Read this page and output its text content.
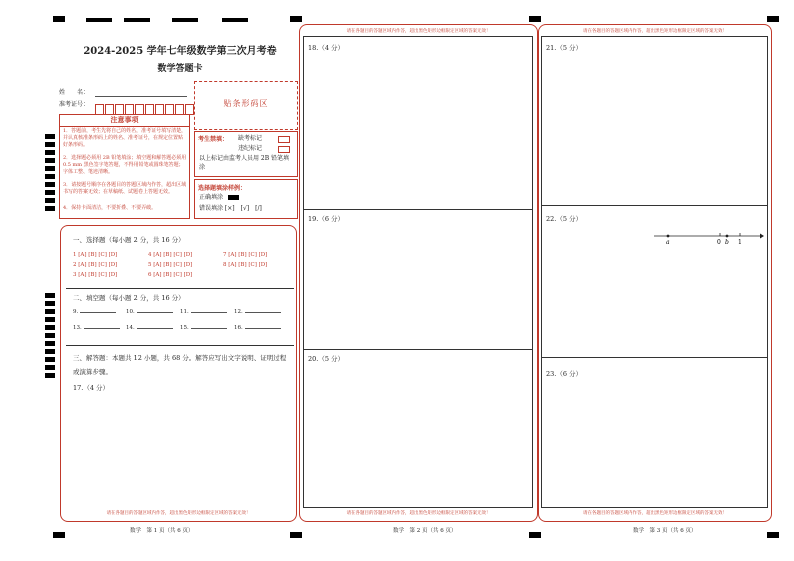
2024-2025 学年七年级数学第三次月考卷
数学答题卡
姓　　名：
准考证号：	贴条形码区
注意事项
1．答题前，考生先将自己的姓名，准考证号填写清楚，并认真核准条形码上的姓名、准考证号，在规定位置贴好条形码。
2．选择题必须用 2B 铅笔填涂；填空题和解答题必须用 0.5 mm 黑色签字笔答题，不得用铅笔或圆珠笔答题；字体工整、笔迹清晰。
3．请按题号顺序在各题目的答题区域内作答，超出区域书写的答案无效；在草稿纸、试题卷上答题无效。
4．保持卡面清洁，不要折叠、不要弄破。
考生禁填： 缺考标记
违纪标记
以上标记由监考人员用 2B 铅笔填涂
选择题填涂样例：
正确填涂
错误填涂 [×]　[√]　[/]
一、选择题（每小题 2 分，共 16 分）
1 [A] [B] [C] [D]	4 [A] [B] [C] [D]	7 [A] [B] [C] [D]
2 [A] [B] [C] [D]	5 [A] [B] [C] [D]	8 [A] [B] [C] [D]
3 [A] [B] [C] [D]	6 [A] [B] [C] [D]
二、填空题（每小题 2 分，共 16 分）
9.	10.	11.	12.
13.	14.	15.	16.
三、解答题：本题共 12 小题，共 68 分。解答应写出文字说明、证明过程或演算步骤。
17.（4 分）
请在各题目的答题区域内作答，超出黑色矩形边框限定区域的答案无效！
数学　第 1 页（共 6 页）
请在各题目的答题区域内作答，超出黑色矩形边框限定区域的答案无效！
18.（4 分）
19.（6 分）
20.（5 分）
请在各题目的答题区域内作答，超出黑色矩形边框限定区域的答案无效！
数学　第 2 页（共 6 页）
请在各题目的答题区域内作答，超出黑色矩形边框限定区域的答案无效！
21.（5 分）
22.（5 分）
a	0 b 1
23.（6 分）
请在各题目的答题区域内作答，超出黑色矩形边框限定区域的答案无效！
数学　第 3 页（共 6 页）
